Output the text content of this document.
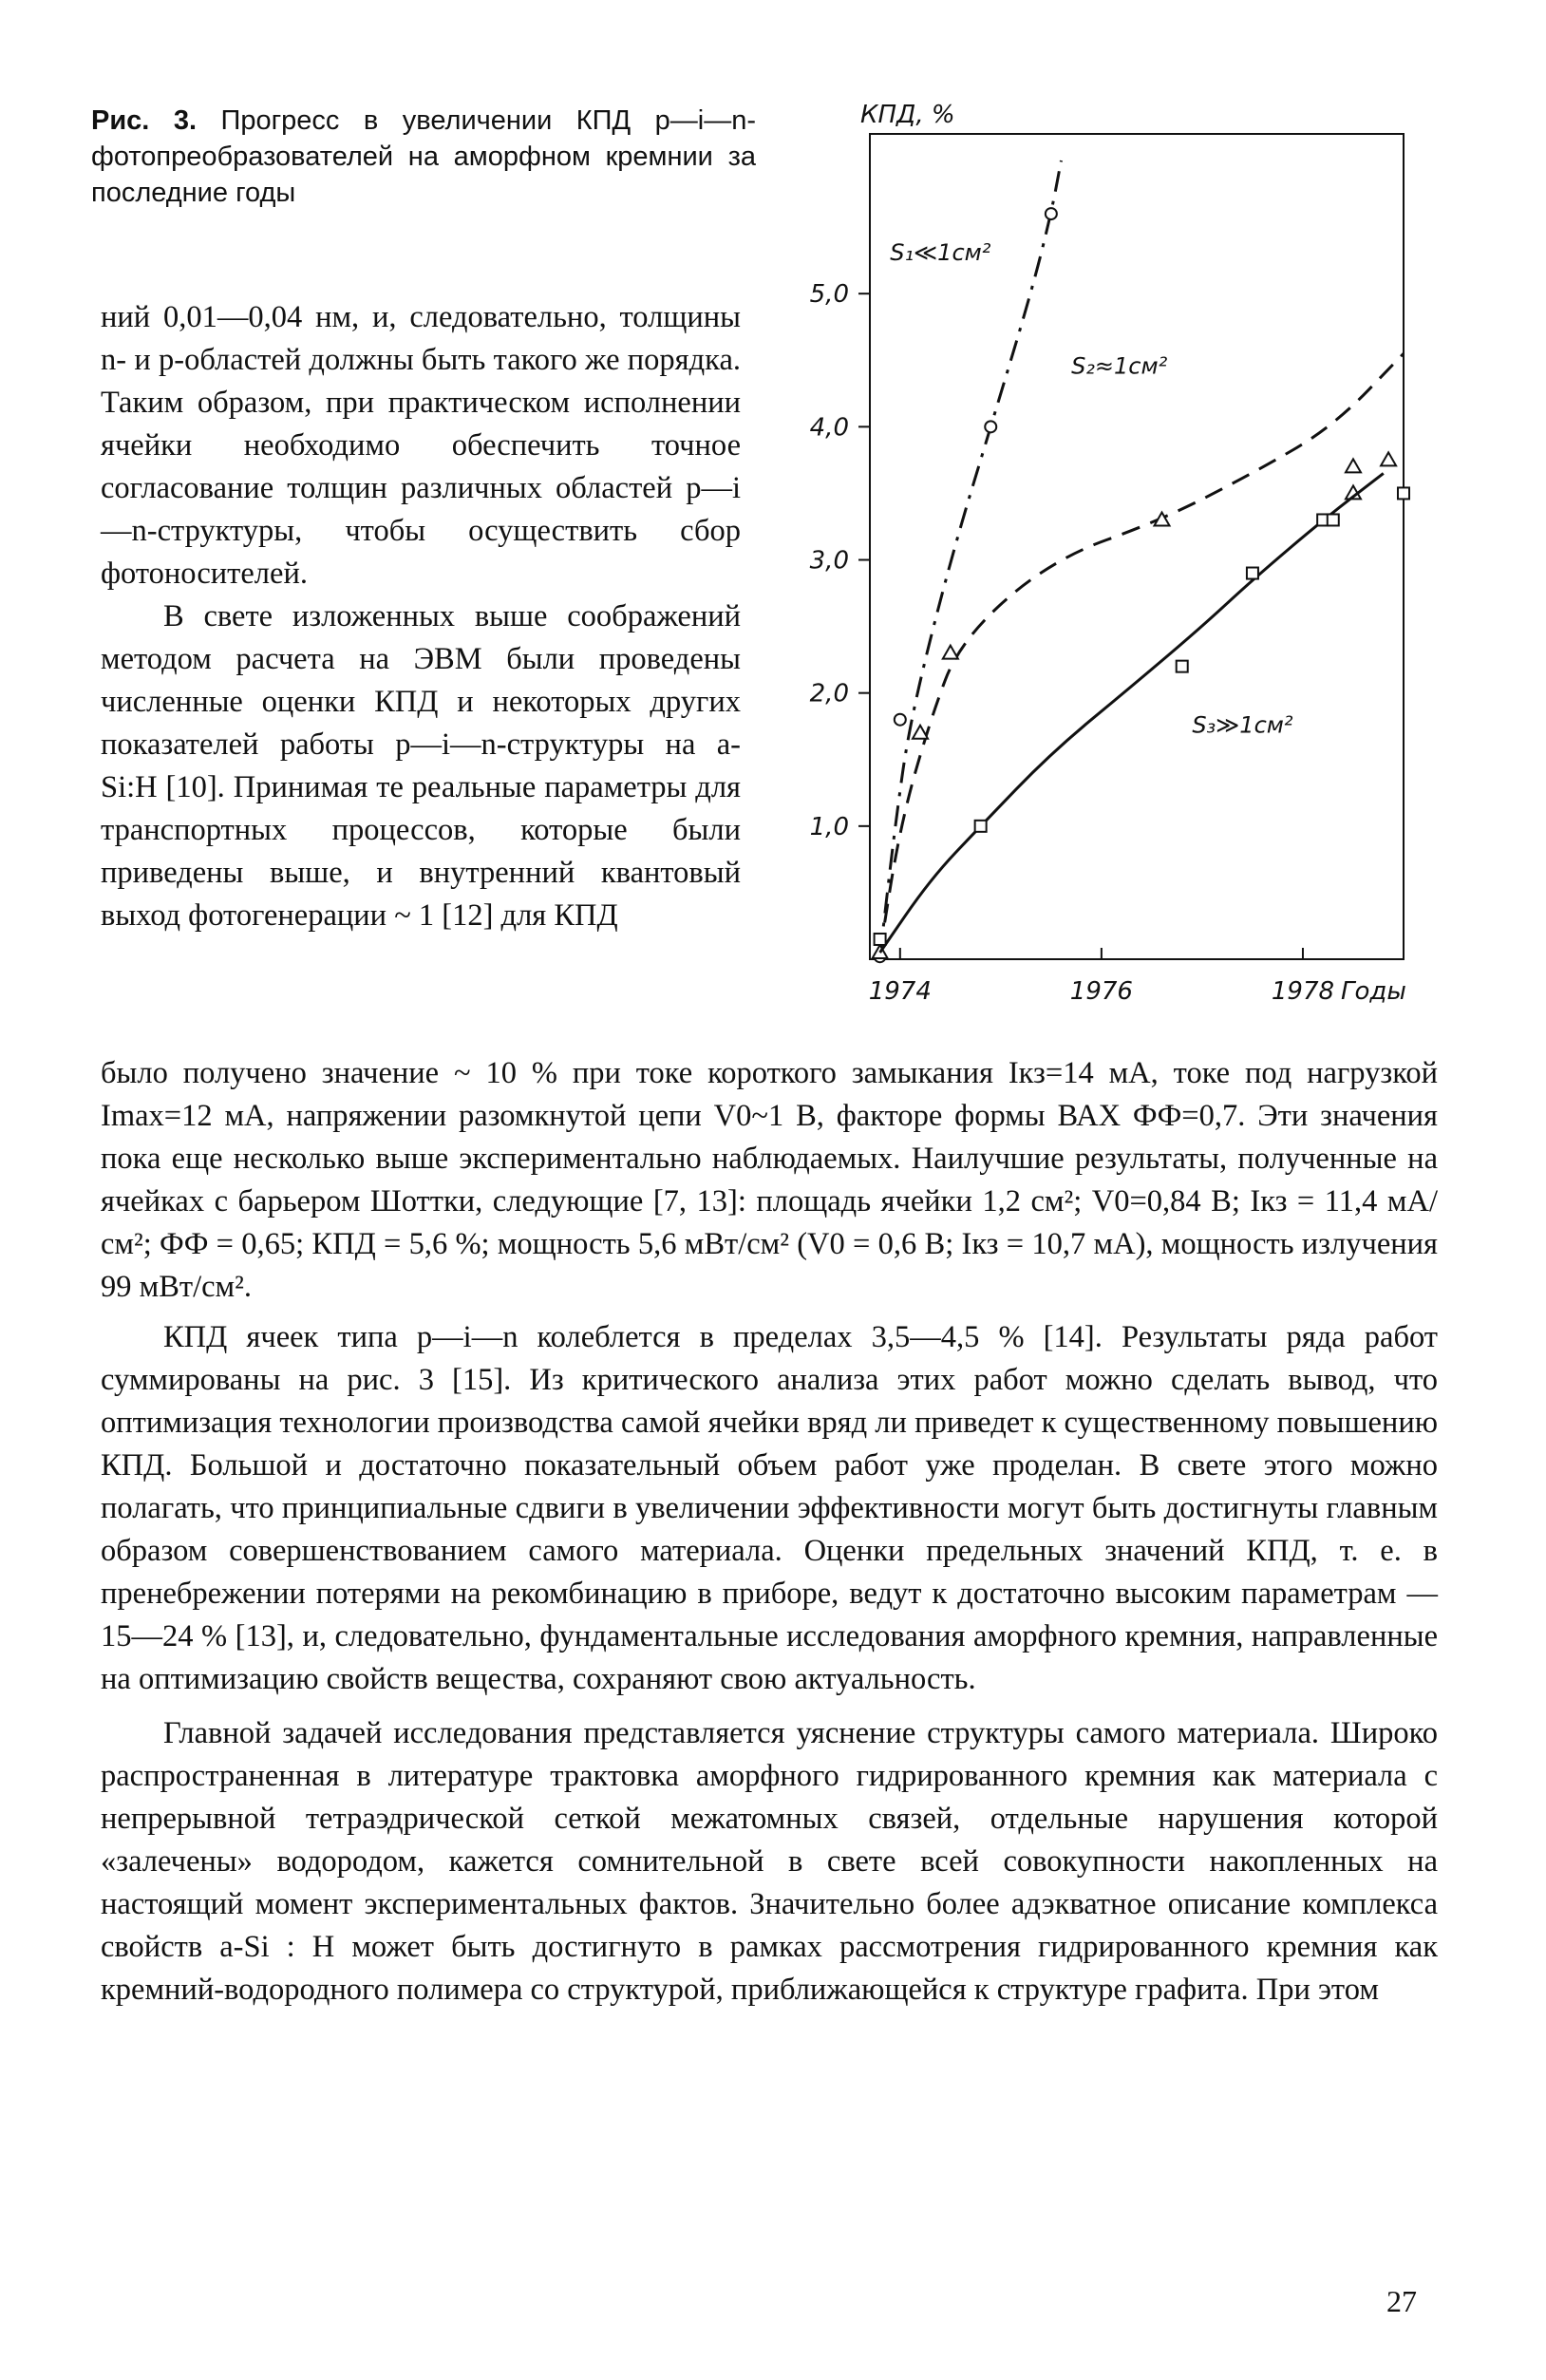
Рис. 3. Прогресс в увеличении КПД p—i—n-фотопреобразователей на аморфном кремнии за последние годы
1,0
2,0
3,0
4,0
5,0
1974	1976	1978
КПД, %
Годы
S₁≪1см²
S₂≈1см²
S₃≫1см²

ний 0,01—0,04 нм, и, следовательно, толщины n- и p-областей должны быть такого же порядка. Таким образом, при практическом исполнении ячейки необходимо обеспечить точное согласование толщин различных областей p—i—n-структуры, чтобы осуществить сбор фотоносителей.

В свете изложенных выше соображений методом расчета на ЭВМ были проведены численные оценки КПД и некоторых других показателей работы p—i—n-структуры на a-Si:H [10]. Принимая те реальные параметры для транспортных процессов, которые были приведены выше, и внутренний квантовый выход фотогенерации ~ 1 [12] для КПД

было получено значение ~ 10 % при токе короткого замыкания Iкз=14 мА, токе под нагрузкой Imax=12 мА, напряжении разомкнутой цепи V0~1 В, факторе формы ВАХ ФФ=0,7. Эти значения пока еще несколько выше экспериментально наблюдаемых. Наилучшие результаты, полученные на ячейках с барьером Шоттки, следующие [7, 13]: площадь ячейки 1,2 см²; V0=0,84 В; Iкз = 11,4 мА/см²; ФФ = 0,65; КПД = 5,6 %; мощность 5,6 мВт/см² (V0 = 0,6 В; Iкз = 10,7 мА), мощность излучения 99 мВт/см².

КПД ячеек типа p—i—n колеблется в пределах 3,5—4,5 % [14]. Результаты ряда работ суммированы на рис. 3 [15]. Из критического анализа этих работ можно сделать вывод, что оптимизация технологии производства самой ячейки вряд ли приведет к существенному повышению КПД. Большой и достаточно показательный объем работ уже проделан. В свете этого можно полагать, что принципиальные сдвиги в увеличении эффективности могут быть достигнуты главным образом совершенствованием самого материала. Оценки предельных значений КПД, т. е. в пренебрежении потерями на рекомбинацию в приборе, ведут к достаточно высоким параметрам — 15—24 % [13], и, следовательно, фундаментальные исследования аморфного кремния, направленные на оптимизацию свойств вещества, сохраняют свою актуальность.

Главной задачей исследования представляется уяснение структуры самого материала. Широко распространенная в литературе трактовка аморфного гидрированного кремния как материала с непрерывной тетраэдрической сеткой межатомных связей, отдельные нарушения которой «залечены» водородом, кажется сомнительной в свете всей совокупности накопленных на настоящий момент экспериментальных фактов. Значительно более адэкватное описание комплекса свойств a-Si : H может быть достигнуто в рамках рассмотрения гидрированного кремния как кремний-водородного полимера со структурой, приближающейся к структуре графита. При этом

27
